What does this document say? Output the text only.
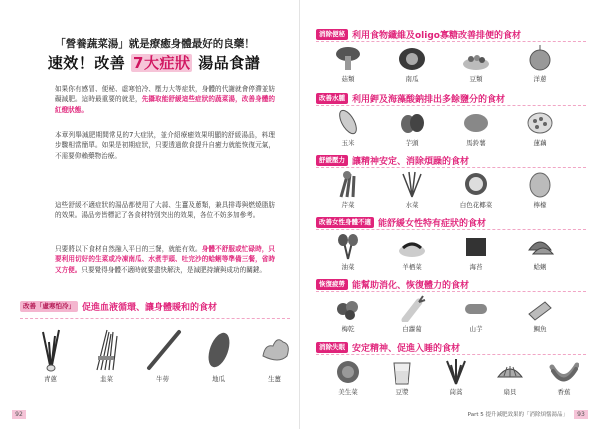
「營養蔬菜湯」就是療癒身體最好的良藥！
速效！改善 7大症狀 湯品食譜
如果你有感冒、便秘、虛寒怕冷、壓力大等症狀，身體的代謝就會停滯並妨礙減肥。這時最重要的就是，先攝取能舒緩這些症狀的蔬菜湯，改善身體的紅燈狀態。
本章列舉減肥期間常見的7大症狀，並介紹療癒效果明顯的舒緩湯品，料理步驟相當簡單。如果是初期症狀，只要透過飲食提升自癒力就能恢復元氣，不需要仰賴藥物治療。
這些舒緩不適症狀的湯品都使用了大蒜、生薑及蔥類，兼具排毒與燃燒脂肪的效果。湯品旁皆標記了各食材特別突出的效果，各位不妨多加參考。
只要將以下食材自然融入平日的三餐，就能有效。身體不舒服或忙碌時，只要利用切好的生菜或冷凍南瓜、水煮芋頭、吐完沙的蛤蜊等準備三餐，省時又方便。只要覺得身體不適時就要盡快解決，是減肥持續與成功的關鍵。
改善「虛寒怕冷」 促進血液循環、讓身體暖和的食材
青蔥	韭菜	牛蒡	地瓜	生薑
92
消除便秘 利用食物纖維及oligo寡糖改善排便的食材
菇類	南瓜	豆類	洋蔥
改善水腫 利用鉀及海藻酸鈉排出多餘鹽分的食材
玉米	芋頭	馬鈴薯	蓮藕
舒緩壓力 讓精神安定、消除煩躁的食材
芹菜	水菜	白色花椰菜	檸檬
改善女性身體不適 能舒緩女性特有症狀的食材
油菜	羊栖菜	海苔	蛤蜊
恢復疲勞 能幫助消化、恢復體力的食材
梅乾	白蘿蔔	山芋	鯛魚
消除失眠 安定精神、促進入睡的食材
美生菜	豆漿	茼蒿	扇貝	香蕉
Part 5 提升減肥效果的「消除煩惱湯品」	93
